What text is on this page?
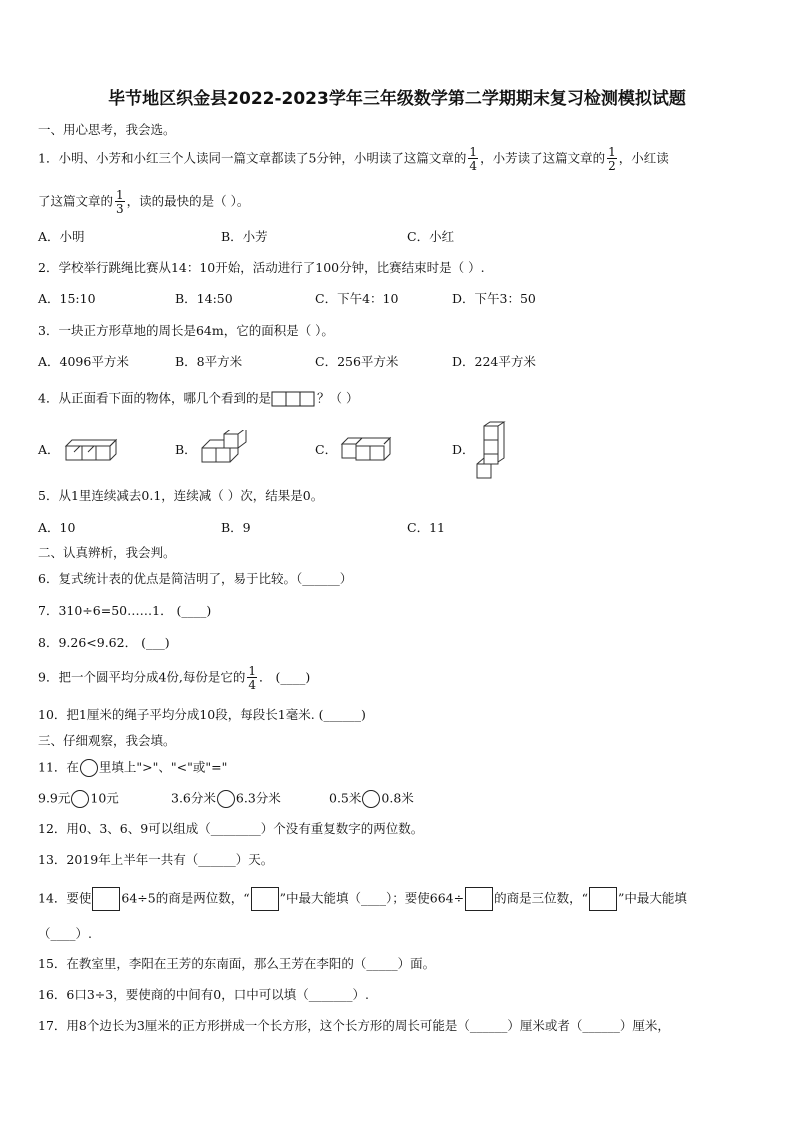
毕节地区织金县2022-2023学年三年级数学第二学期期末复习检测模拟试题
一、用心思考，我会选。
1．小明、小芳和小红三个人读同一篇文章都读了5分钟，小明读了这篇文章的 $\frac{1}{4}$ ，小芳读了这篇文章的 $\frac{1}{2}$ ，小红读
了这篇文章的 $\frac{1}{3}$ ，读的最快的是（ ）。
A．小明	B．小芳	C．小红
2．学校举行跳绳比赛从14：10开始，活动进行了100分钟，比赛结束时是（ ）.
A．15:10	B．14:50	C．下午4：10	D．下午3：50
3．一块正方形草地的周长是64m，它的面积是（ ）。
A．4096平方米	B．8平方米	C．256平方米	D．224平方米
4．从正面看下面的物体，哪几个看到的是	？（ ）
A．	B．	C．	D．
5．从1里连续减去0.1，连续减（ ）次，结果是0。
A．10	B．9	C．11
二、认真辨析，我会判。
6．复式统计表的优点是简洁明了，易于比较。（______）
7．310÷6=50……1． (____)
8．9.26<9.62． (___)
9．把一个圆平均分成4份,每份是它的 $\frac{1}{4}$ ． (____)
10．把1厘米的绳子平均分成10段，每段长1毫米. (______)
三、仔细观察，我会填。
11．在 里填上">"、"<"或"="
9.9元 10元	3.6分米 6.3分米	0.5米 0.8米
12．用0、3、6、9可以组成（________）个没有重复数字的两位数。
13．2019年上半年一共有（______）天。
14．要使 64÷5的商是两位数，“ ”中最大能填（____）；要使664÷ 的商是三位数，“ ”中最大能填
（____）.
15．在教室里，李阳在王芳的东南面，那么王芳在李阳的（_____）面。
16．6口3÷3，要使商的中间有0，口中可以填（_______）.
17．用8个边长为3厘米的正方形拼成一个长方形，这个长方形的周长可能是（______）厘米或者（______）厘米，
